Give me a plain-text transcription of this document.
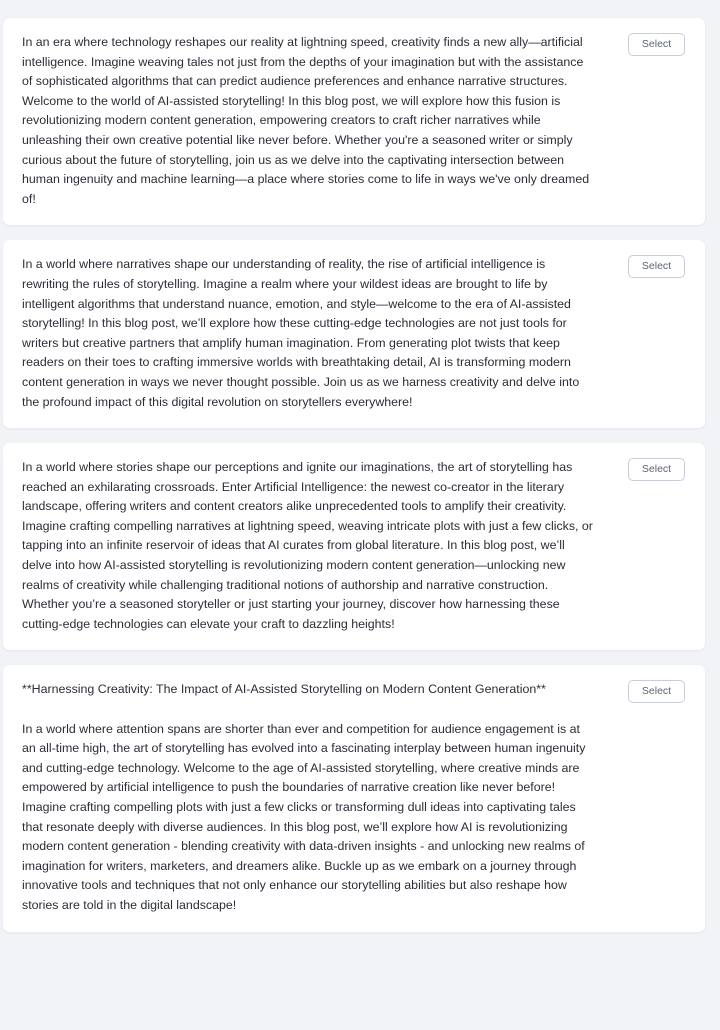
In an era where technology reshapes our reality at lightning speed, creativity finds a new ally—artificial intelligence. Imagine weaving tales not just from the depths of your imagination but with the assistance of sophisticated algorithms that can predict audience preferences and enhance narrative structures. Welcome to the world of AI-assisted storytelling! In this blog post, we will explore how this fusion is revolutionizing modern content generation, empowering creators to craft richer narratives while unleashing their own creative potential like never before. Whether you're a seasoned writer or simply curious about the future of storytelling, join us as we delve into the captivating intersection between human ingenuity and machine learning—a place where stories come to life in ways we've only dreamed of!

Select

In a world where narratives shape our understanding of reality, the rise of artificial intelligence is rewriting the rules of storytelling. Imagine a realm where your wildest ideas are brought to life by intelligent algorithms that understand nuance, emotion, and style—welcome to the era of AI-assisted storytelling! In this blog post, we’ll explore how these cutting-edge technologies are not just tools for writers but creative partners that amplify human imagination. From generating plot twists that keep readers on their toes to crafting immersive worlds with breathtaking detail, AI is transforming modern content generation in ways we never thought possible. Join us as we harness creativity and delve into the profound impact of this digital revolution on storytellers everywhere!

Select

In a world where stories shape our perceptions and ignite our imaginations, the art of storytelling has reached an exhilarating crossroads. Enter Artificial Intelligence: the newest co-creator in the literary landscape, offering writers and content creators alike unprecedented tools to amplify their creativity. Imagine crafting compelling narratives at lightning speed, weaving intricate plots with just a few clicks, or tapping into an infinite reservoir of ideas that AI curates from global literature. In this blog post, we’ll delve into how AI-assisted storytelling is revolutionizing modern content generation—unlocking new realms of creativity while challenging traditional notions of authorship and narrative construction. Whether you’re a seasoned storyteller or just starting your journey, discover how harnessing these cutting-edge technologies can elevate your craft to dazzling heights!

Select

**Harnessing Creativity: The Impact of AI-Assisted Storytelling on Modern Content Generation**

In a world where attention spans are shorter than ever and competition for audience engagement is at an all-time high, the art of storytelling has evolved into a fascinating interplay between human ingenuity and cutting-edge technology. Welcome to the age of AI-assisted storytelling, where creative minds are empowered by artificial intelligence to push the boundaries of narrative creation like never before! Imagine crafting compelling plots with just a few clicks or transforming dull ideas into captivating tales that resonate deeply with diverse audiences. In this blog post, we’ll explore how AI is revolutionizing modern content generation - blending creativity with data-driven insights - and unlocking new realms of imagination for writers, marketers, and dreamers alike. Buckle up as we embark on a journey through innovative tools and techniques that not only enhance our storytelling abilities but also reshape how stories are told in the digital landscape!

Select
